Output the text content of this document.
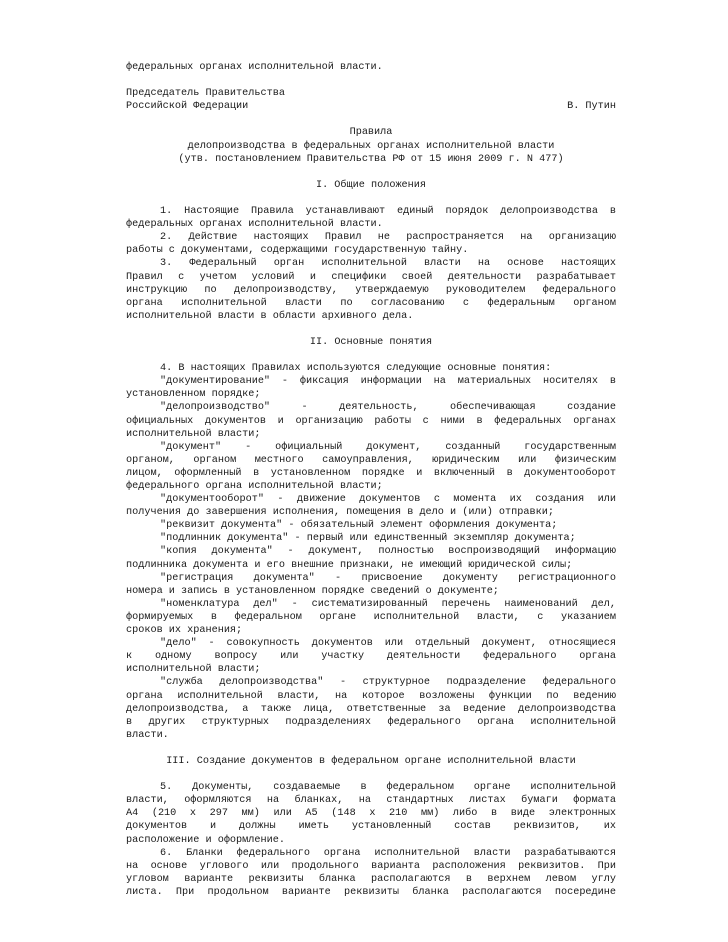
федеральных органах исполнительной власти.
Председатель Правительства
Российской Федерации	В. Путин
Правила
делопроизводства в федеральных органах исполнительной власти
(утв. постановлением Правительства РФ от 15 июня 2009 г. N 477)
I. Общие положения
1. Настоящие Правила устанавливают единый порядок делопроизводства в
федеральных органах исполнительной власти.
2. Действие настоящих Правил не распространяется на организацию
работы с документами, содержащими государственную тайну.
3. Федеральный орган исполнительной власти на основе настоящих
Правил с учетом условий и специфики своей деятельности разрабатывает
инструкцию по делопроизводству, утверждаемую руководителем федерального
органа исполнительной власти по согласованию с федеральным органом
исполнительной власти в области архивного дела.
II. Основные понятия
4. В настоящих Правилах используются следующие основные понятия:
"документирование" - фиксация информации на материальных носителях в
установленном порядке;
"делопроизводство" - деятельность, обеспечивающая создание
официальных документов и организацию работы с ними в федеральных органах
исполнительной власти;
"документ" - официальный документ, созданный государственным
органом, органом местного самоуправления, юридическим или физическим
лицом, оформленный в установленном порядке и включенный в документооборот
федерального органа исполнительной власти;
"документооборот" - движение документов с момента их создания или
получения до завершения исполнения, помещения в дело и (или) отправки;
"реквизит документа" - обязательный элемент оформления документа;
"подлинник документа" - первый или единственный экземпляр документа;
"копия документа" - документ, полностью воспроизводящий информацию
подлинника документа и его внешние признаки, не имеющий юридической силы;
"регистрация документа" - присвоение документу регистрационного
номера и запись в установленном порядке сведений о документе;
"номенклатура дел" - систематизированный перечень наименований дел,
формируемых в федеральном органе исполнительной власти, с указанием
сроков их хранения;
"дело" - совокупность документов или отдельный документ, относящиеся
к одному вопросу или участку деятельности федерального органа
исполнительной власти;
"служба делопроизводства" - структурное подразделение федерального
органа исполнительной власти, на которое возложены функции по ведению
делопроизводства, а также лица, ответственные за ведение делопроизводства
в других структурных подразделениях федерального органа исполнительной
власти.
III. Создание документов в федеральном органе исполнительной власти
5. Документы, создаваемые в федеральном органе исполнительной
власти, оформляются на бланках, на стандартных листах бумаги формата
А4 (210 x 297 мм) или А5 (148 x 210 мм) либо в виде электронных
документов и должны иметь установленный состав реквизитов, их
расположение и оформление.
6. Бланки федерального органа исполнительной власти разрабатываются
на основе углового или продольного варианта расположения реквизитов. При
угловом варианте реквизиты бланка располагаются в верхнем левом углу
листа. При продольном варианте реквизиты бланка располагаются посередине
